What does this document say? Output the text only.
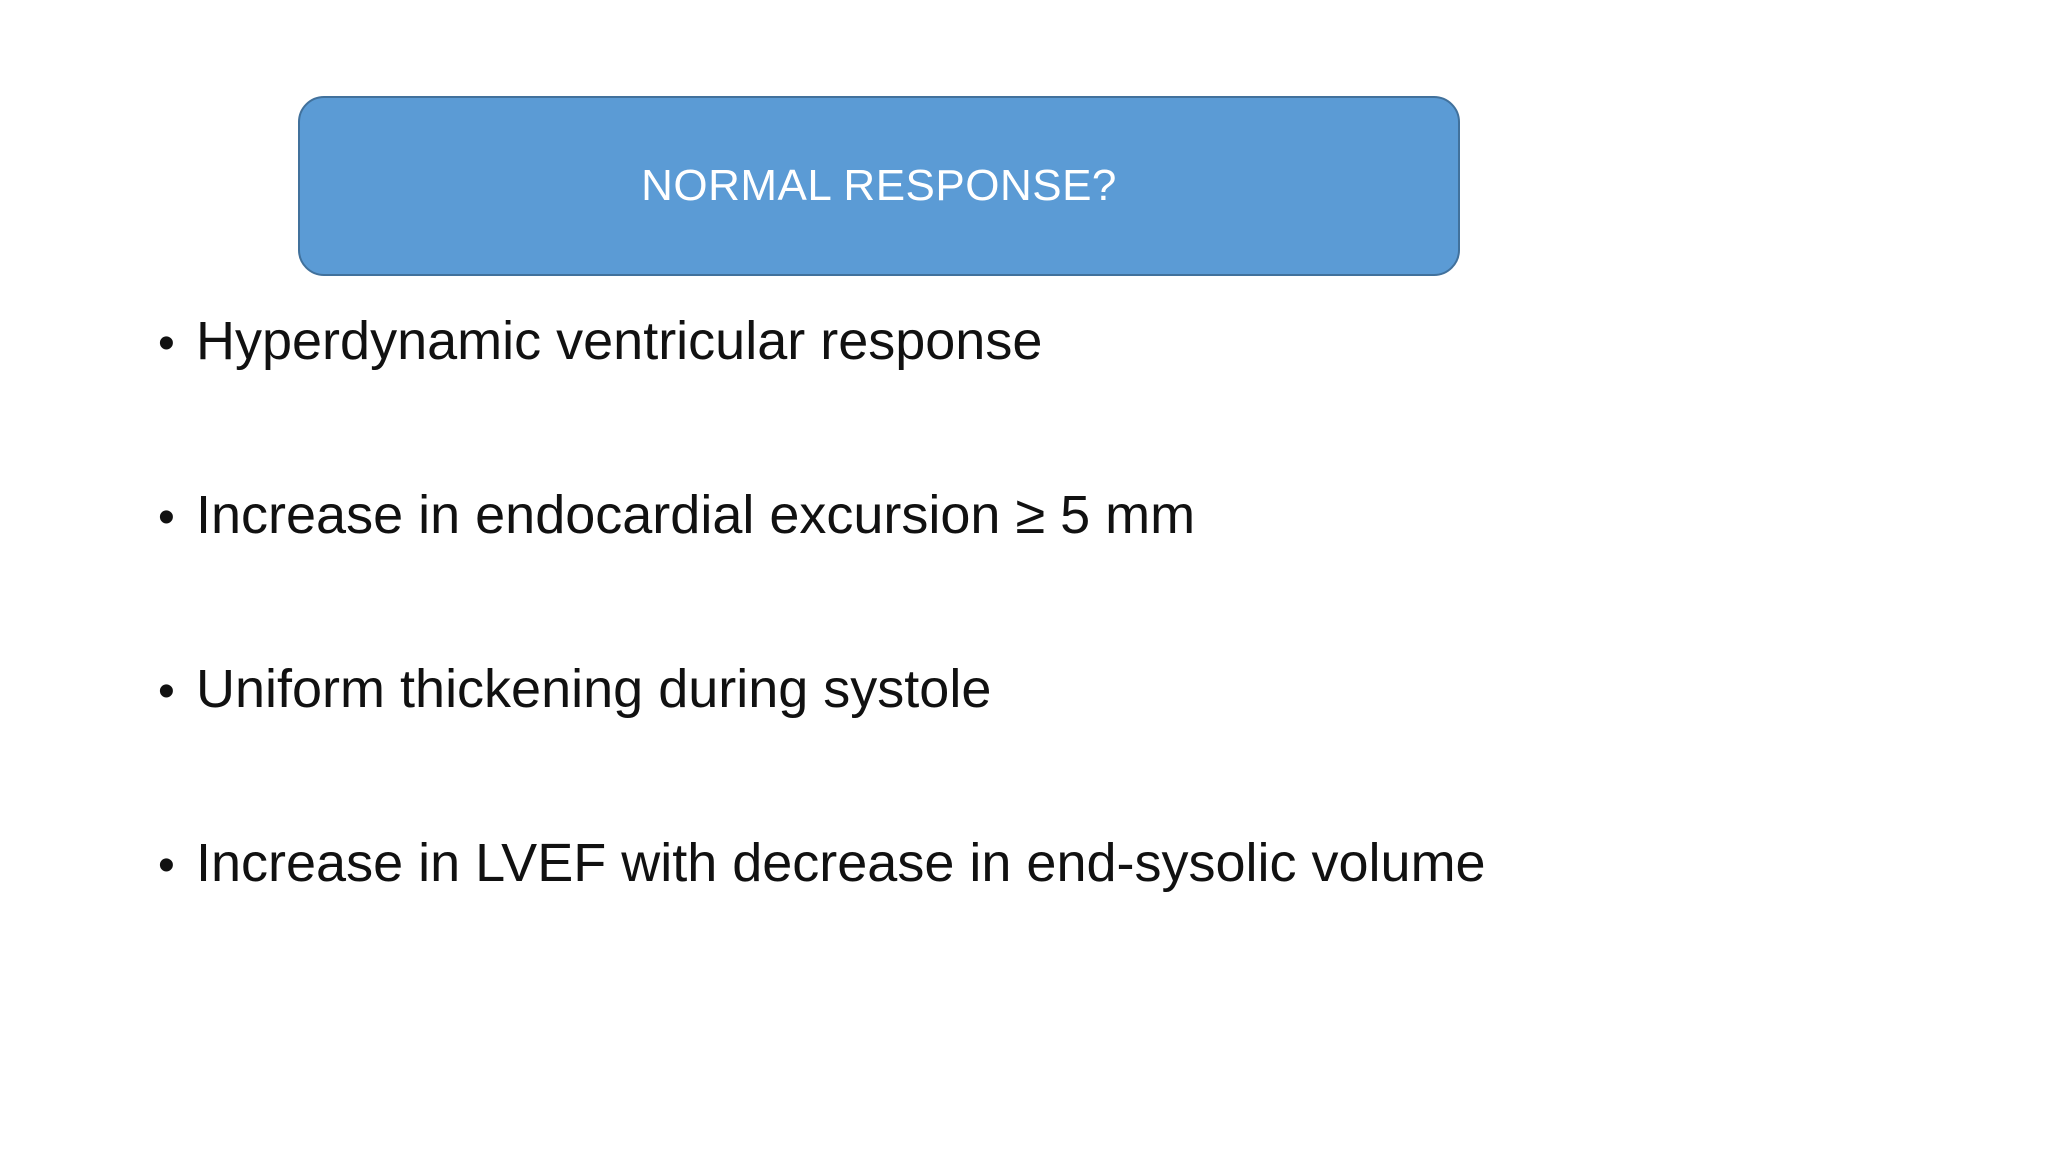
NORMAL RESPONSE?
• Hyperdynamic ventricular response
• Increase in endocardial excursion ≥ 5 mm
• Uniform thickening during systole
• Increase in LVEF with decrease in end-sysolic volume
